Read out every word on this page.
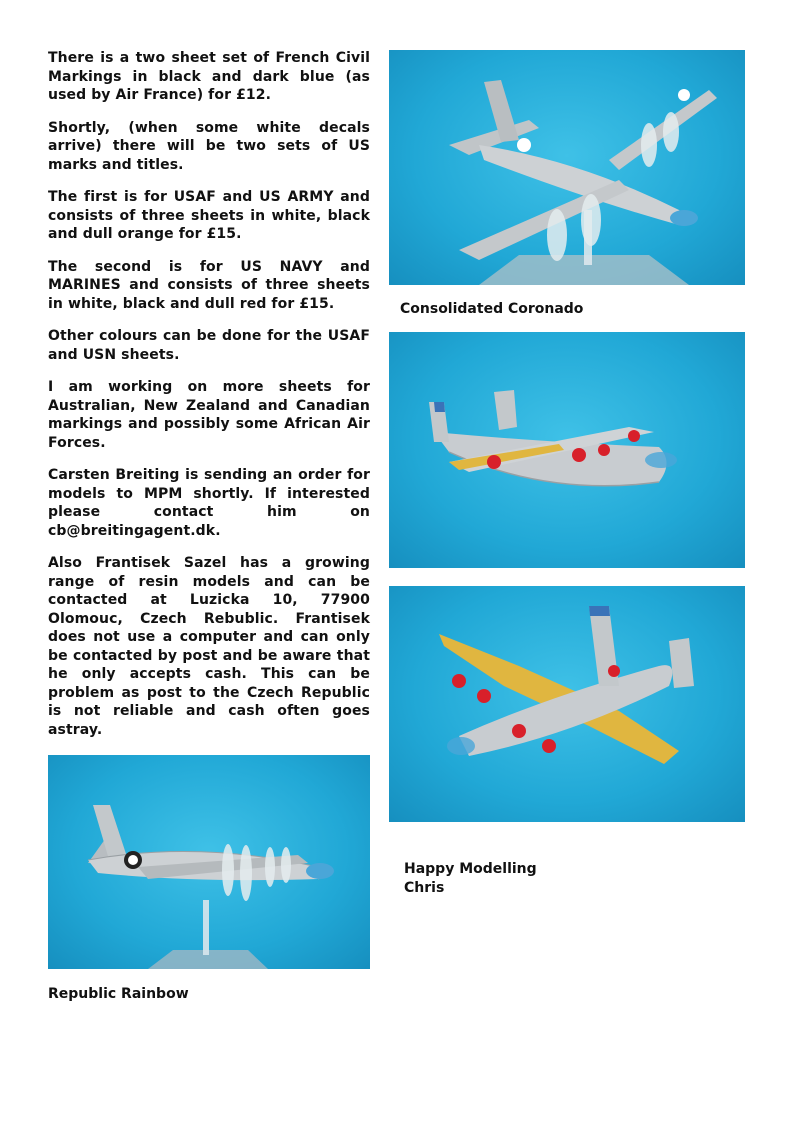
There is a two sheet set of French Civil Markings in black and dark blue (as used by Air France) for £12.

Shortly, (when some white decals arrive) there will be two sets of US marks and titles.

The first is for USAF and US ARMY and consists of three sheets in white, black and dull orange for £15.

The second is for US NAVY and MARINES and consists of three sheets in white, black and dull red for £15.

Other colours can be done for the USAF and USN sheets.

I am working on more sheets for Australian, New Zealand and Canadian markings and possibly some African Air Forces.

Carsten Breiting is sending an order for models to MPM shortly. If interested please contact him on cb@breitingagent.dk.

Also Frantisek Sazel has a growing range of resin models and can be contacted at Luzicka 10, 77900 Olomouc, Czech Rebublic. Frantisek does not use a computer and can only be contacted by post and be aware that he only accepts cash. This can be problem as post to the Czech Republic is not reliable and cash often goes astray.

Republic Rainbow
Consolidated Coronado
Happy Modelling
Chris
